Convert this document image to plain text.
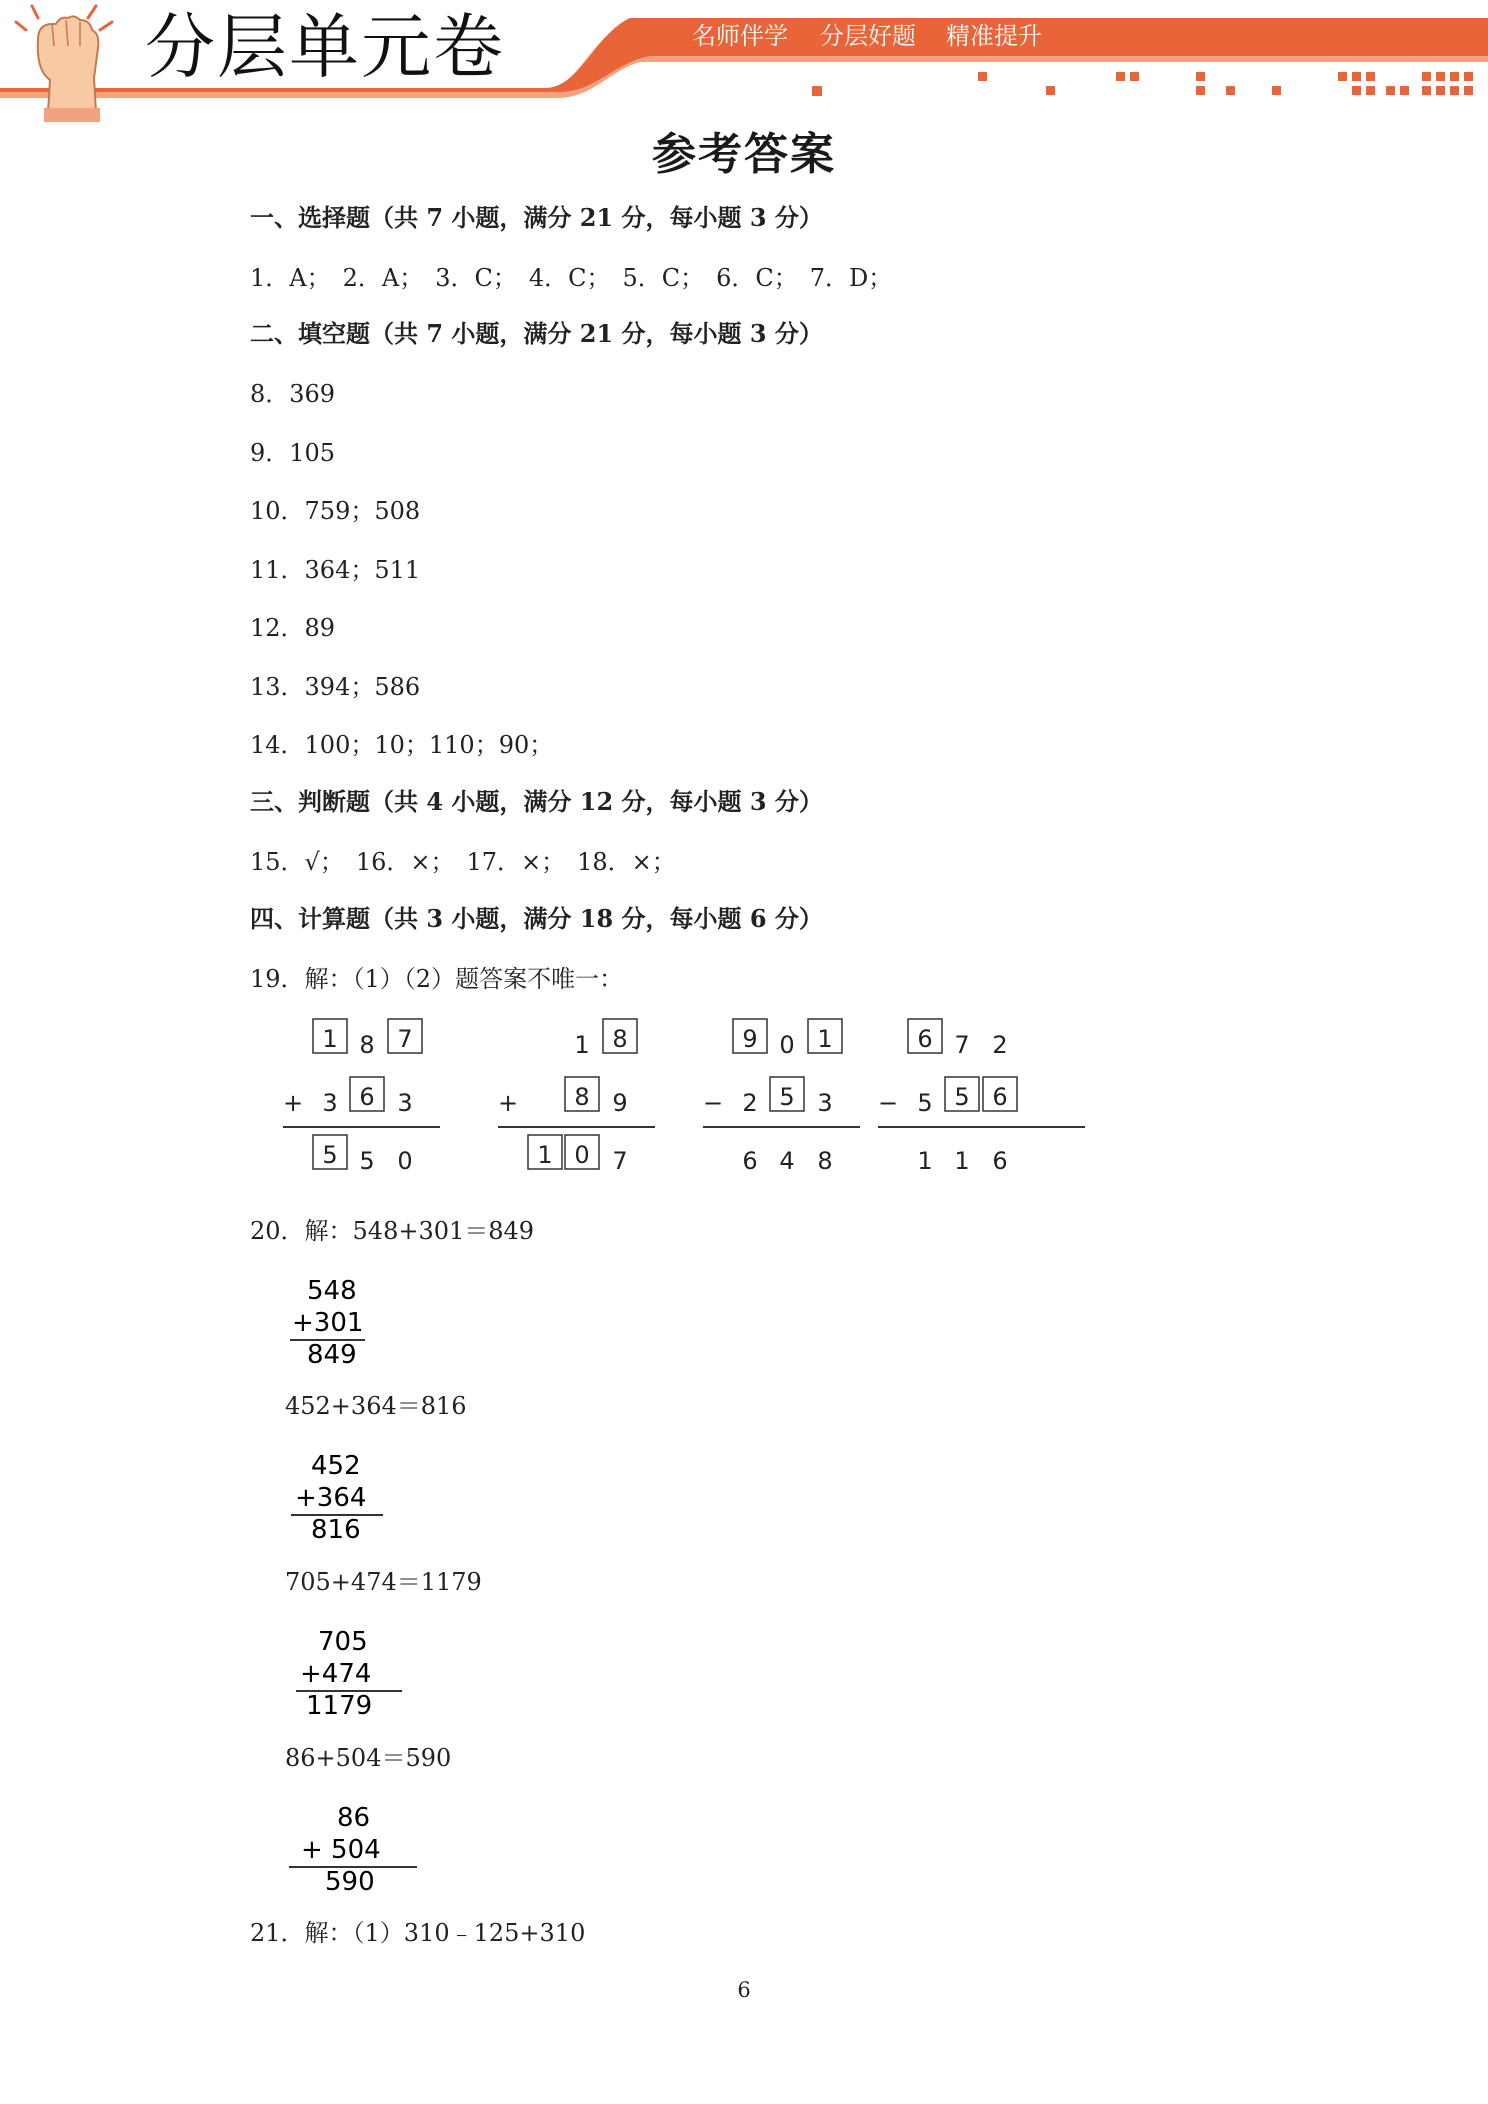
分层单元卷	名师伴学 分层好题 精准提升
参考答案
一、选择题（共 7 小题，满分 21 分，每小题 3 分）
1．A；　2．A；　3．C；　4．C；　5．C；　6．C；　7．D；
二、填空题（共 7 小题，满分 21 分，每小题 3 分）
8．369
9．105
10．759；508
11．364；511
12．89
13．394；586
14．100；10；110；90；
三、判断题（共 4 小题，满分 12 分，每小题 3 分）
15．√；　16．×；　17．×；　18．×；
四、计算题（共 3 小题，满分 18 分，每小题 6 分）
19．解：（1）（2）题答案不唯一：
1 8 7
3 6 3
5 5 0
+
1 8
8 9
1 0 7
+
9 0 1
2 5 3
6 4 8
−
6 7 2
5 5 6
1 1 6
−
20．解：548+301＝849
548
+301
849
452+364＝816
452
+364
816
705+474＝1179
705
+474
1179
86+504＝590
86
+ 504
590
21．解：（1）310﹣125+310
6
